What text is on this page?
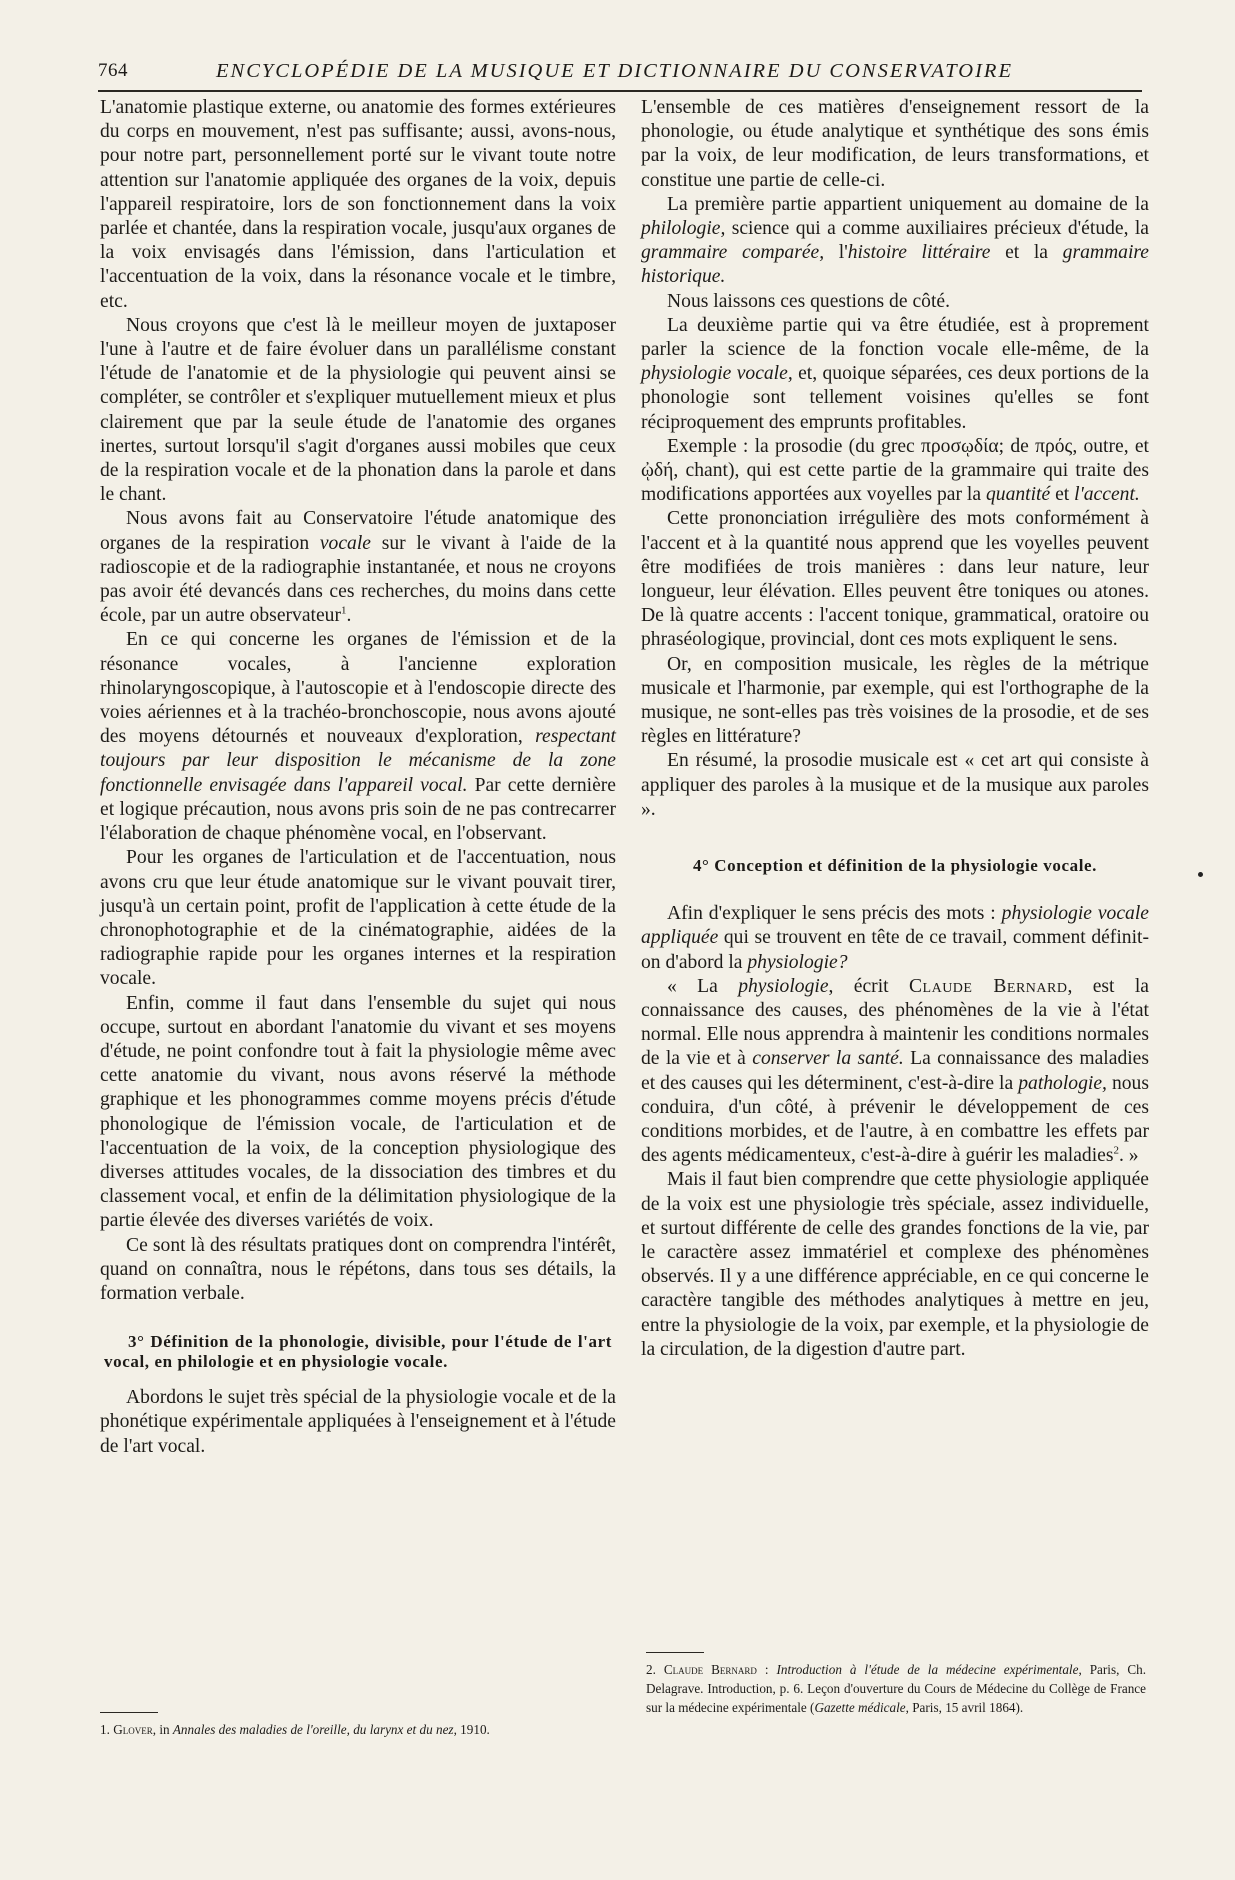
764	ENCYCLOPÉDIE DE LA MUSIQUE ET DICTIONNAIRE DU CONSERVATOIRE

L'anatomie plastique externe, ou anatomie des formes extérieures du corps en mouvement, n'est pas suffisante; aussi, avons-nous, pour notre part, personnellement porté sur le vivant toute notre attention sur l'anatomie appliquée des organes de la voix, depuis l'appareil respiratoire, lors de son fonctionnement dans la voix parlée et chantée, dans la respiration vocale, jusqu'aux organes de la voix envisagés dans l'émission, dans l'articulation et l'accentuation de la voix, dans la résonance vocale et le timbre, etc.

Nous croyons que c'est là le meilleur moyen de juxtaposer l'une à l'autre et de faire évoluer dans un parallélisme constant l'étude de l'anatomie et de la physiologie qui peuvent ainsi se compléter, se contrôler et s'expliquer mutuellement mieux et plus clairement que par la seule étude de l'anatomie des organes inertes, surtout lorsqu'il s'agit d'organes aussi mobiles que ceux de la respiration vocale et de la phonation dans la parole et dans le chant.

Nous avons fait au Conservatoire l'étude anatomique des organes de la respiration vocale sur le vivant à l'aide de la radioscopie et de la radiographie instantanée, et nous ne croyons pas avoir été devancés dans ces recherches, du moins dans cette école, par un autre observateur$^1$.

En ce qui concerne les organes de l'émission et de la résonance vocales, à l'ancienne exploration rhinolaryngoscopique, à l'autoscopie et à l'endoscopie directe des voies aériennes et à la trachéo-bronchoscopie, nous avons ajouté des moyens détournés et nouveaux d'exploration, respectant toujours par leur disposition le mécanisme de la zone fonctionnelle envisagée dans l'appareil vocal. Par cette dernière et logique précaution, nous avons pris soin de ne pas contrecarrer l'élaboration de chaque phénomène vocal, en l'observant.

Pour les organes de l'articulation et de l'accentuation, nous avons cru que leur étude anatomique sur le vivant pouvait tirer, jusqu'à un certain point, profit de l'application à cette étude de la chronophotographie et de la cinématographie, aidées de la radiographie rapide pour les organes internes et la respiration vocale.

Enfin, comme il faut dans l'ensemble du sujet qui nous occupe, surtout en abordant l'anatomie du vivant et ses moyens d'étude, ne point confondre tout à fait la physiologie même avec cette anatomie du vivant, nous avons réservé la méthode graphique et les phonogrammes comme moyens précis d'étude phonologique de l'émission vocale, de l'articulation et de l'accentuation de la voix, de la conception physiologique des diverses attitudes vocales, de la dissociation des timbres et du classement vocal, et enfin de la délimitation physiologique de la partie élevée des diverses variétés de voix.

Ce sont là des résultats pratiques dont on comprendra l'intérêt, quand on connaîtra, nous le répétons, dans tous ses détails, la formation verbale.

3° Définition de la phonologie, divisible, pour l'étude de l'art vocal, en philologie et en physiologie vocale.

Abordons le sujet très spécial de la physiologie vocale et de la phonétique expérimentale appliquées à l'enseignement et à l'étude de l'art vocal.

1. Glover, in Annales des maladies de l'oreille, du larynx et du nez, 1910.

L'ensemble de ces matières d'enseignement ressort de la phonologie, ou étude analytique et synthétique des sons émis par la voix, de leur modification, de leurs transformations, et constitue une partie de celle-ci.

La première partie appartient uniquement au domaine de la philologie, science qui a comme auxiliaires précieux d'étude, la grammaire comparée, l'histoire littéraire et la grammaire historique.

Nous laissons ces questions de côté.

La deuxième partie qui va être étudiée, est à proprement parler la science de la fonction vocale elle-même, de la physiologie vocale, et, quoique séparées, ces deux portions de la phonologie sont tellement voisines qu'elles se font réciproquement des emprunts profitables.

Exemple : la prosodie (du grec προσῳδία; de πρός, outre, et ᾠδή, chant), qui est cette partie de la grammaire qui traite des modifications apportées aux voyelles par la quantité et l'accent.

Cette prononciation irrégulière des mots conformément à l'accent et à la quantité nous apprend que les voyelles peuvent être modifiées de trois manières : dans leur nature, leur longueur, leur élévation. Elles peuvent être toniques ou atones. De là quatre accents : l'accent tonique, grammatical, oratoire ou phraséologique, provincial, dont ces mots expliquent le sens.

Or, en composition musicale, les règles de la métrique musicale et l'harmonie, par exemple, qui est l'orthographe de la musique, ne sont-elles pas très voisines de la prosodie, et de ses règles en littérature?

En résumé, la prosodie musicale est « cet art qui consiste à appliquer des paroles à la musique et de la musique aux paroles ».

4° Conception et définition de la physiologie vocale.

Afin d'expliquer le sens précis des mots : physiologie vocale appliquée qui se trouvent en tête de ce travail, comment définit-on d'abord la physiologie?

« La physiologie, écrit Claude Bernard, est la connaissance des causes, des phénomènes de la vie à l'état normal. Elle nous apprendra à maintenir les conditions normales de la vie et à conserver la santé. La connaissance des maladies et des causes qui les déterminent, c'est-à-dire la pathologie, nous conduira, d'un côté, à prévenir le développement de ces conditions morbides, et de l'autre, à en combattre les effets par des agents médicamenteux, c'est-à-dire à guérir les maladies$^2$. »

Mais il faut bien comprendre que cette physiologie appliquée de la voix est une physiologie très spéciale, assez individuelle, et surtout différente de celle des grandes fonctions de la vie, par le caractère assez immatériel et complexe des phénomènes observés. Il y a une différence appréciable, en ce qui concerne le caractère tangible des méthodes analytiques à mettre en jeu, entre la physiologie de la voix, par exemple, et la physiologie de la circulation, de la digestion d'autre part.

2. Claude Bernard : Introduction à l'étude de la médecine expérimentale, Paris, Ch. Delagrave. Introduction, p. 6. Leçon d'ouverture du Cours de Médecine du Collège de France sur la médecine expérimentale (Gazette médicale, Paris, 15 avril 1864).
